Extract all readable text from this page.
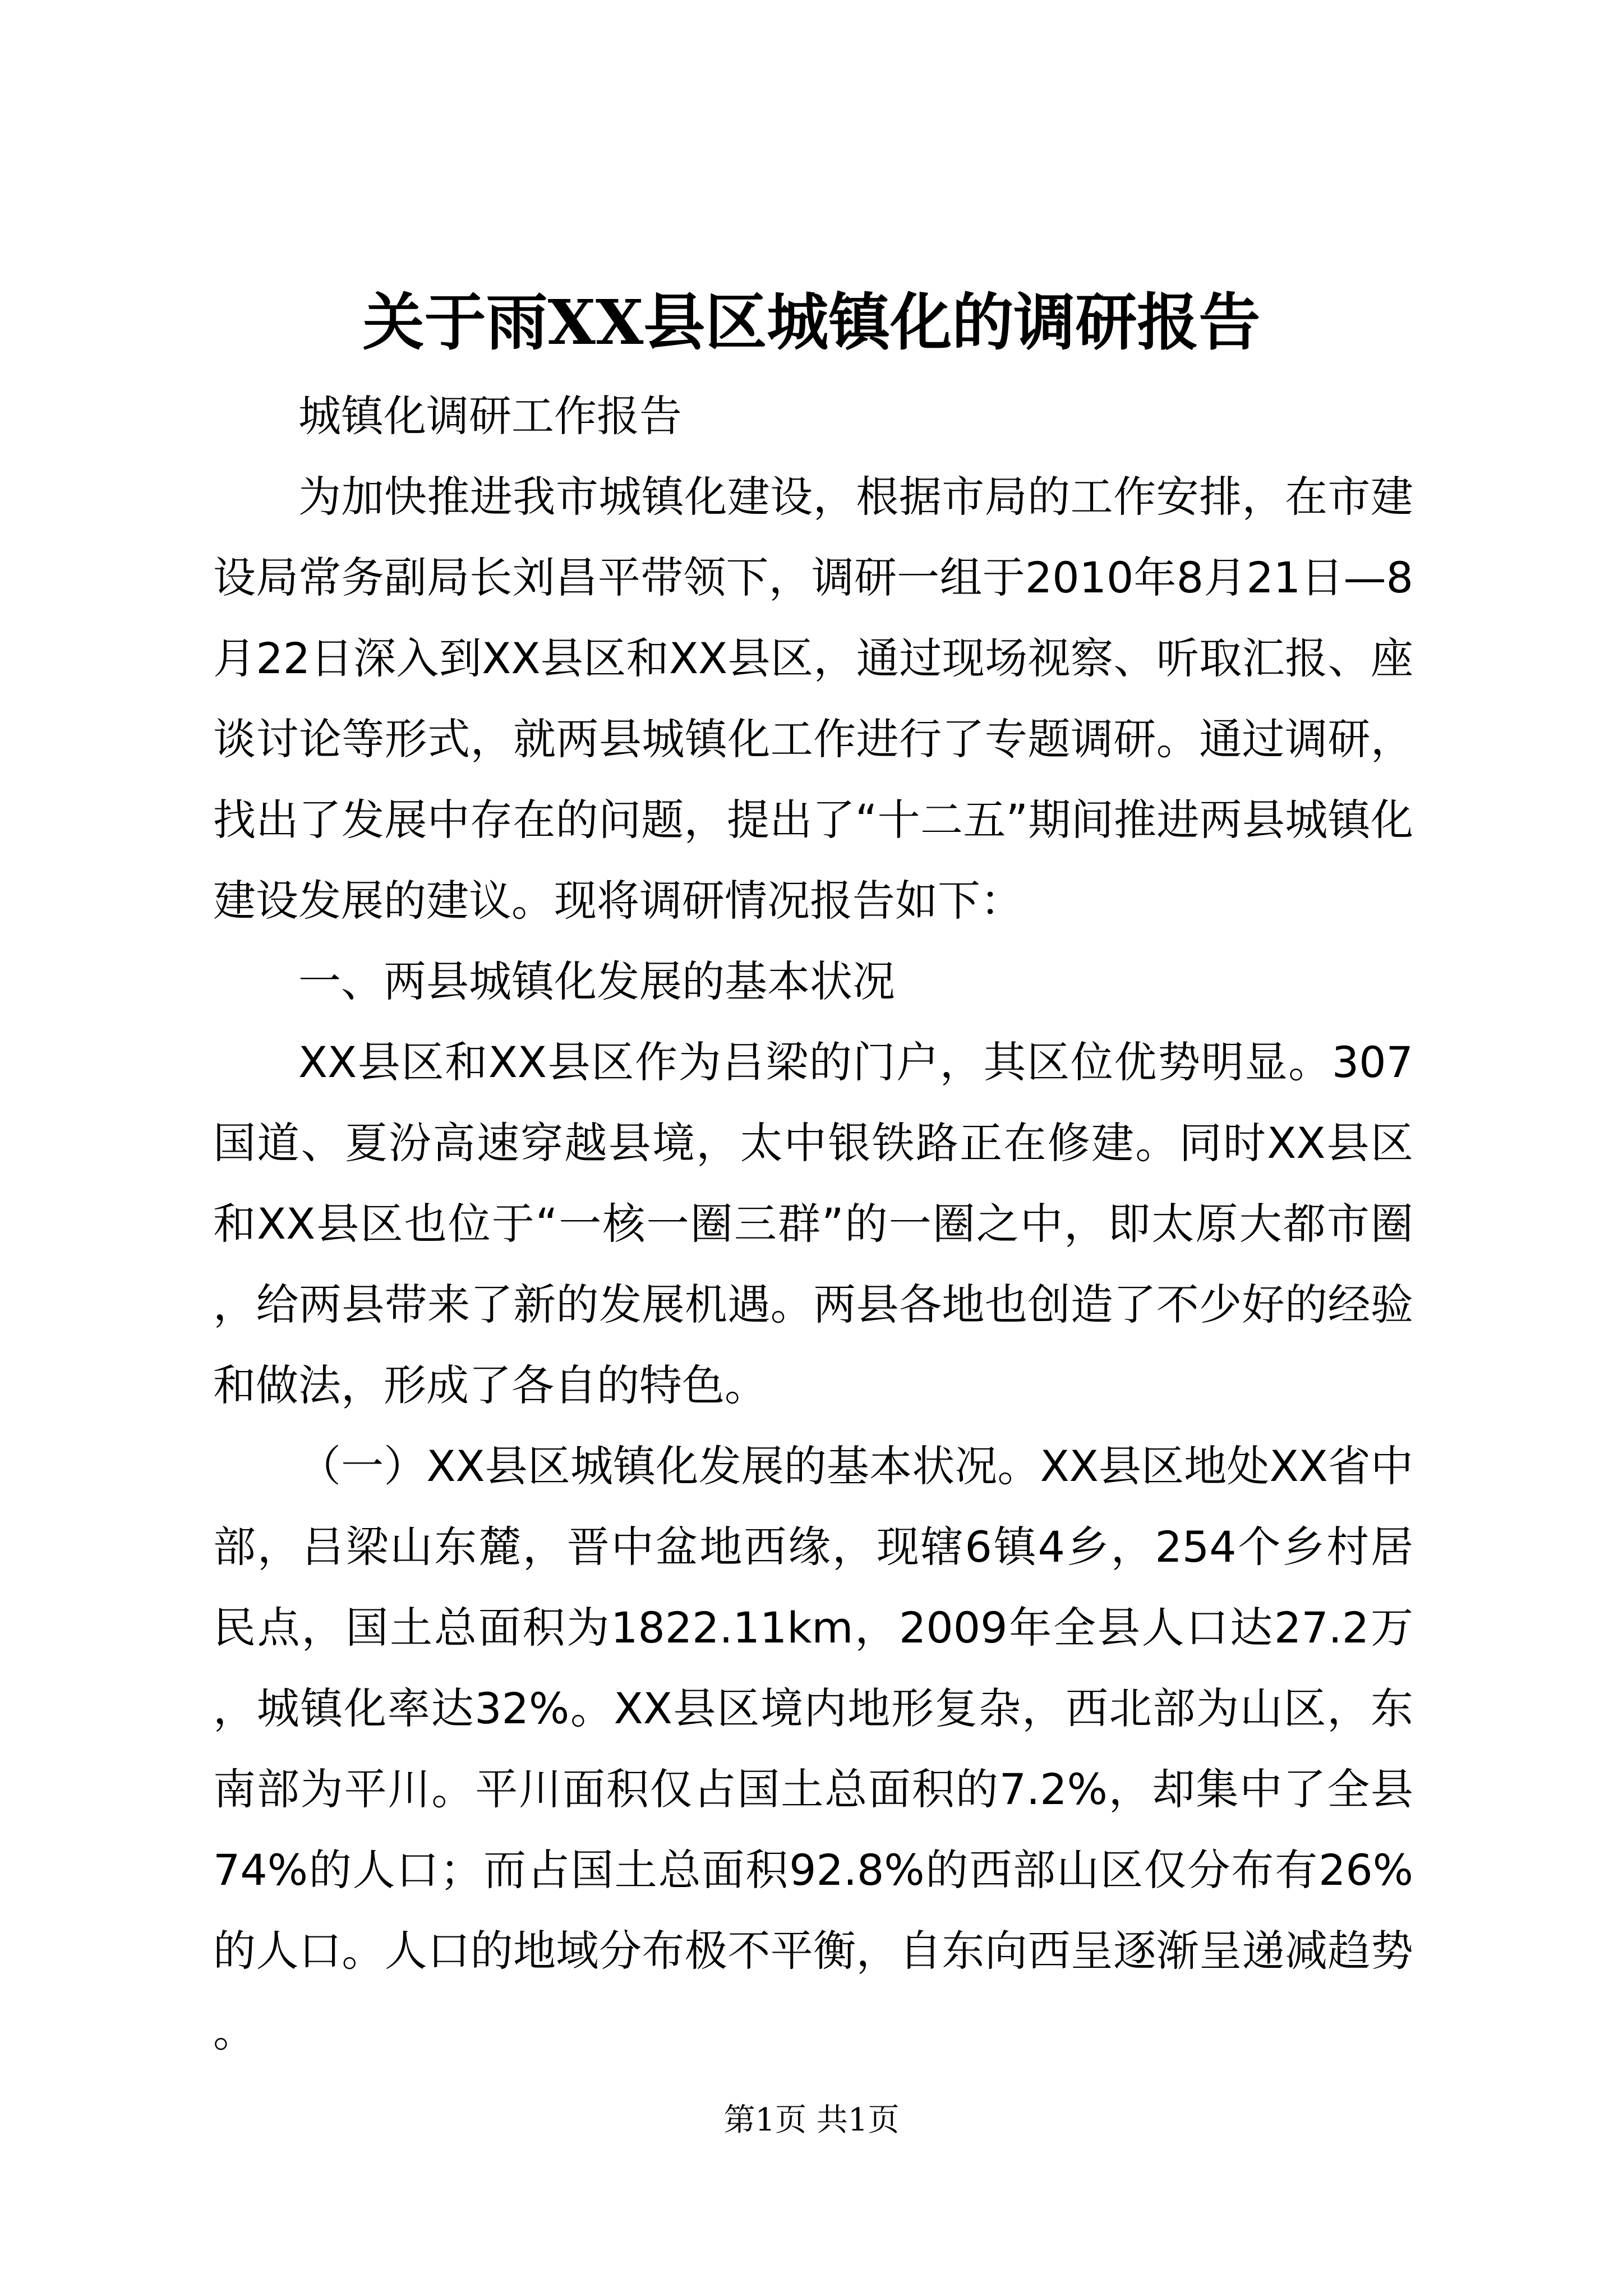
关于雨XX县区城镇化的调研报告

城镇化调研工作报告

为加快推进我市城镇化建设，根据市局的工作安排，在市建设局常务副局长刘昌平带领下，调研一组于2010年8月21日—8月22日深入到XX县区和XX县区，通过现场视察、听取汇报、座谈讨论等形式，就两县城镇化工作进行了专题调研。通过调研，找出了发展中存在的问题，提出了“十二五”期间推进两县城镇化建设发展的建议。现将调研情况报告如下：

一、两县城镇化发展的基本状况

XX县区和XX县区作为吕梁的门户，其区位优势明显。307国道、夏汾高速穿越县境，太中银铁路正在修建。同时XX县区和XX县区也位于“一核一圈三群”的一圈之中，即太原大都市圈，给两县带来了新的发展机遇。两县各地也创造了不少好的经验和做法，形成了各自的特色。

（一）XX县区城镇化发展的基本状况。XX县区地处XX省中部，吕梁山东麓，晋中盆地西缘，现辖6镇4乡，254个乡村居民点，国土总面积为1822.11km，2009年全县人口达27.2万，城镇化率达32%。XX县区境内地形复杂，西北部为山区，东南部为平川。平川面积仅占国土总面积的7.2%，却集中了全县74%的人口；而占国土总面积92.8%的西部山区仅分布有26%的人口。人口的地域分布极不平衡，自东向西呈逐渐呈递减趋势。

第1页 共1页
